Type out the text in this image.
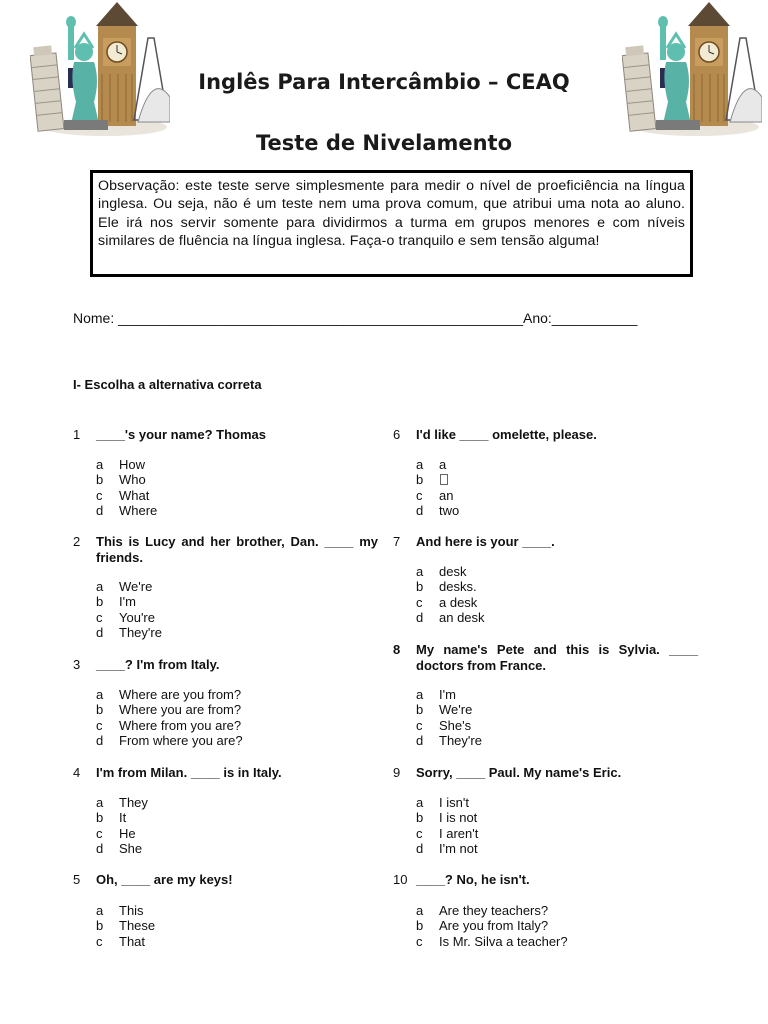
Inglês Para Intercâmbio – CEAQ
Teste de Nivelamento
Observação: este teste serve simplesmente para medir o nível de proeficiência na língua inglesa. Ou seja, não é um teste nem uma prova comum, que atribui uma nota ao aluno. Ele irá nos servir somente para dividirmos a turma em grupos menores e com níveis similares de fluência na língua inglesa. Faça-o tranquilo e sem tensão alguma!
Nome: ____________________________________________________Ano:___________
I- Escolha a alternativa correta
1 ____'s your name? Thomas
a How
b Who
c What
d Where
2 This is Lucy and her brother, Dan. ____ my friends.
a We're
b I'm
c You're
d They're
3 ____? I'm from Italy.
a Where are you from?
b Where you are from?
c Where from you are?
d From where you are?
4 I'm from Milan. ____ is in Italy.
a They
b It
c He
d She
5 Oh, ____ are my keys!
a This
b These
c That
6 I'd like ____ omelette, please.
a a
b
c an
d two
7 And here is your ____.
a desk
b desks.
c a desk
d an desk
8 My name's Pete and this is Sylvia. ____ doctors from France.
a I'm
b We're
c She's
d They're
9 Sorry, ____ Paul. My name's Eric.
a I isn't
b I is not
c I aren't
d I'm not
10 ____? No, he isn't.
a Are they teachers?
b Are you from Italy?
c Is Mr. Silva a teacher?
